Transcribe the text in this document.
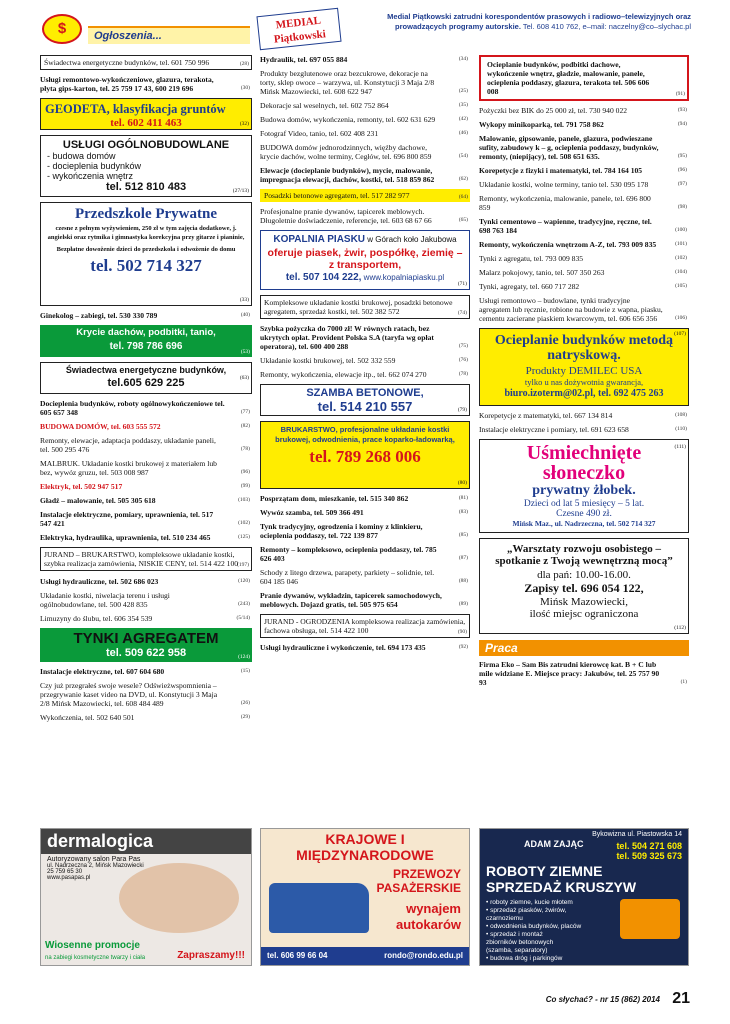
$	Ogłoszenia...
MEDIAL Piątkowski
Medial Piątkowski zatrudni korespondentów prasowych i radiowo–telewizyjnych oraz prowadzących programy autorskie. Tel. 608 410 762, e–mail: naczelny@co–slychac.pl
Świadectwa energetyczne budynków, tel. 601 750 996	(28)
Usługi remontowo-wykończeniowe, glazura, terakota, płyta gips-karton, tel. 25 759 17 43, 600 219 696	(30)
GEODETA, klasyfikacja gruntów
tel. 602 411 463	(32)
USŁUGI OGÓLNOBUDOWLANE
- budowa domów
- docieplenia budynków
- wykończenia wnętrz
tel. 512 810 483	(27/13)
Przedszkole Prywatne
czesne z pełnym wyżywieniem, 250 zł w tym zajęcia dodatkowe, j. angielski oraz rytmika i gimnastyka korekcyjna przy gitarze i pianinie,
Bezpłatne dowożenie dzieci do przedszkola i odwożenie do domu
tel. 502 714 327
(33)
Ginekolog – zabiegi, tel. 530 330 789	(40)
Krycie dachów, podbitki, tanio,
tel. 798 786 696	(53)
Świadectwa energetyczne budynków,
tel.605 629 225	(63)
Docieplenia budynków, roboty ogólnowykończeniowe tel. 605 657 348	(77)
BUDOWA DOMÓW, tel. 603 555 572	(82)
Remonty, elewacje, adaptacja poddaszy, układanie paneli, tel. 500 295 476	(78)
MALBRUK. Układanie kostki brukowej z materiałem lub bez, wywóz gruzu, tel. 503 008 987	(96)
Elektryk, tel. 502 947 517	(99)
Gładź – malowanie, tel. 505 305 618	(103)
Instalacje elektryczne, pomiary, uprawnienia, tel. 517 547 421	(102)
Elektryka, hydraulika, uprawnienia, tel. 510 234 465	(125)
JURAND – BRUKARSTWO, kompleksowe układanie kostki, szybka realizacja zamówienia, NISKIE CENY, tel. 514 422 100 (197)
Usługi hydrauliczne, tel. 502 686 023	(120)
Układanie kostki, niwelacja terenu i usługi ogólnobudowlane, tel. 500 428 835	(243)
Limuzyny do ślubu, tel. 606 354 539	(5/14)
TYNKI AGREGATEM
tel. 509 622 958	(124)
Instalacje elektryczne, tel. 607 604 680	(15)
Czy już przegrałeś swoje wesele? Odświeżwspomnienia – przegrywanie kaset video na DVD, ul. Konstytucji 3 Maja 2/8 Mińsk Mazowiecki, tel. 608 484 489	(26)
Wykończenia, tel. 502 640 501	(29)
Hydraulik, tel. 697 055 884	(34)
Produkty bezglutenowe oraz bezcukrowe, dekoracje na torty, sklep owoce – warzywa, ul. Konstytucji 3 Maja 2/8 Mińsk Mazowiecki, tel. 608 622 947	(25)
Dekoracje sal weselnych, tel. 602 752 864	(35)
Budowa domów, wykończenia, remonty, tel. 602 631 629	(42)
Fotograf Video, tanio, tel. 602 408 231	(46)
BUDOWA domów jednorodzinnych, więźby dachowe, krycie dachów, wolne terminy, Cegłów, tel. 696 800 859	(54)
Elewacje (docieplanie budynków), mycie, malowanie, impregnacja elewacji, dachów, kostki, tel. 518 859 862	(62)
Posadzki betonowe agregatem, tel. 517 282 977	(64)
Profesjonalne pranie dywanów, tapicerek meblowych. Długoletnie doświadczenie, referencje, tel. 603 68 67 66	(65)
KOPALNIA PIASKU w Górach koło Jakubowa
oferuje piasek, żwir, pospółkę, ziemię – z transportem,
tel. 507 104 222, www.kopalniapiasku.pl
(71)
Kompleksowe układanie kostki brukowej, posadzki betonowe agregatem, sprzedaż kostki, tel. 502 382 572	(74)
Szybka pożyczka do 7000 zł! W równych ratach, bez ukrytych opłat. Provident Polska S.A (taryfa wg opłat operatora), tel. 600 400 288	(75)
Układanie kostki brukowej, tel. 502 332 559	(76)
Remonty, wykończenia, elewacje itp., tel. 662 074 270	(78)
SZAMBA BETONOWE,
tel. 514 210 557	(79)
BRUKARSTWO, profesjonalne układanie kostki brukowej, odwodnienia, prace koparko-ładowarką,
tel. 789 268 006
(80)
Posprzątam dom, mieszkanie, tel. 515 340 862	(81)
Wywóz szamba, tel. 509 366 491	(83)
Tynk tradycyjny, ogrodzenia i kominy z klinkieru, ocieplenia poddaszy, tel. 722 139 877	(85)
Remonty – kompleksowo, ocieplenia poddaszy, tel. 785 626 403	(87)
Schody z litego drzewa, parapety, parkiety – solidnie, tel. 604 185 046	(88)
Pranie dywanów, wykładzin, tapicerek samochodowych, meblowych. Dojazd gratis, tel. 505 975 654	(89)
JURAND - OGRODZENIA kompleksowa realizacja zamówienia, fachowa obsługa, tel. 514 422 100	(90)
Usługi hydrauliczne i wykończenie, tel. 694 173 435	(92)
Ocieplanie budynków, podbitki dachowe, wykończenie wnętrz, gładzie, malowanie, panele, ocieplenia poddaszy, glazura, terakota tel. 506 606 008	(91)
Pożyczki bez BIK do 25 000 zł, tel. 730 940 022	(93)
Wykopy minikoparką, tel. 791 758 862	(94)
Malowanie, gipsowanie, panele, glazura, podwieszane sufity, zabudowy k – g, ocieplenia poddaszy, budynków, remonty, (niepijący), tel. 508 651 635.	(95)
Korepetycje z fizyki i matematyki, tel. 784 164 105	(96)
Układanie kostki, wolne terminy, tanio tel. 530 095 178	(97)
Remonty, wykończenia, malowanie, panele, tel. 696 800 859	(98)
Tynki cementowo – wapienne, tradycyjne, ręczne, tel. 698 763 184	(100)
Remonty, wykończenia wnętrzom A-Z, tel. 793 009 835	(101)
Tynki z agregatu, tel. 793 009 835	(102)
Malarz pokojowy, tanio, tel. 507 350 263	(104)
Tynki, agregaty, tel. 660 717 282	(105)
Usługi remontowo – budowlane, tynki tradycyjne agregatem lub ręcznie, robione na budowie z wapna, piasku, cementu zacierane piaskiem kwarcowym, tel. 606 656 356	(106)
Ocieplanie budynków metodą natryskową.
Produkty DEMILEC USA
tylko u nas dożywotnia gwarancja,
biuro.izoterm@02.pl, tel. 692 475 263
(107)
Korepetycje z matematyki, tel. 667 134 814	(108)
Instalacje elektryczne i pomiary, tel. 691 623 658	(110)
Uśmiechnięte
słoneczko
prywatny żłobek.
Dzieci od lat 5 miesięcy – 5 lat.
Czesne 490 zł.
Mińsk Maz., ul. Nadrzeczna, tel. 502 714 327
(111)
„Warsztaty rozwoju osobistego – spotkanie z Twoją wewnętrzną mocą”
dla pań: 10.00-16.00.
Zapisy tel. 696 054 122,
Mińsk Mazowiecki,
ilość miejsc ograniczona
(112)
Praca
Firma Eko – Sam Bis zatrudni kierowcę kat. B + C lub mile widziane E. Miejsce pracy: Jakubów, tel. 25 757 90 93	(1)
dermalogica
Autoryzowany salon Para Pas
ul. Nadrzeczna 2, Mińsk Mazowiecki
25 759 65 30
www.pasapas.pl
Wiosenne promocje
na zabiegi kosmetyczne twarzy i ciała	Zapraszamy!!!
KRAJOWE I
MIĘDZYNARODOWE
PRZEWOZY
PASAŻERSKIE
wynajem
autokarów
tel. 606 99 66 04	rondo@rondo.edu.pl
Bykowizna ul. Piastowska 14
tel. 504 271 608
tel. 509 325 673
ADAM ZAJĄC
ROBOTY ZIEMNE
SPRZEDAŻ KRUSZYW
• roboty ziemne, kucie młotem
• sprzedaż piasków, żwirów,
czarnoziemu
• odwodnienia budynków, placów
• sprzedaż i montaż
zbiorników betonowych
(szamba, separatory)
• budowa dróg i parkingów
Co słychać? - nr 15 (862) 2014 21
